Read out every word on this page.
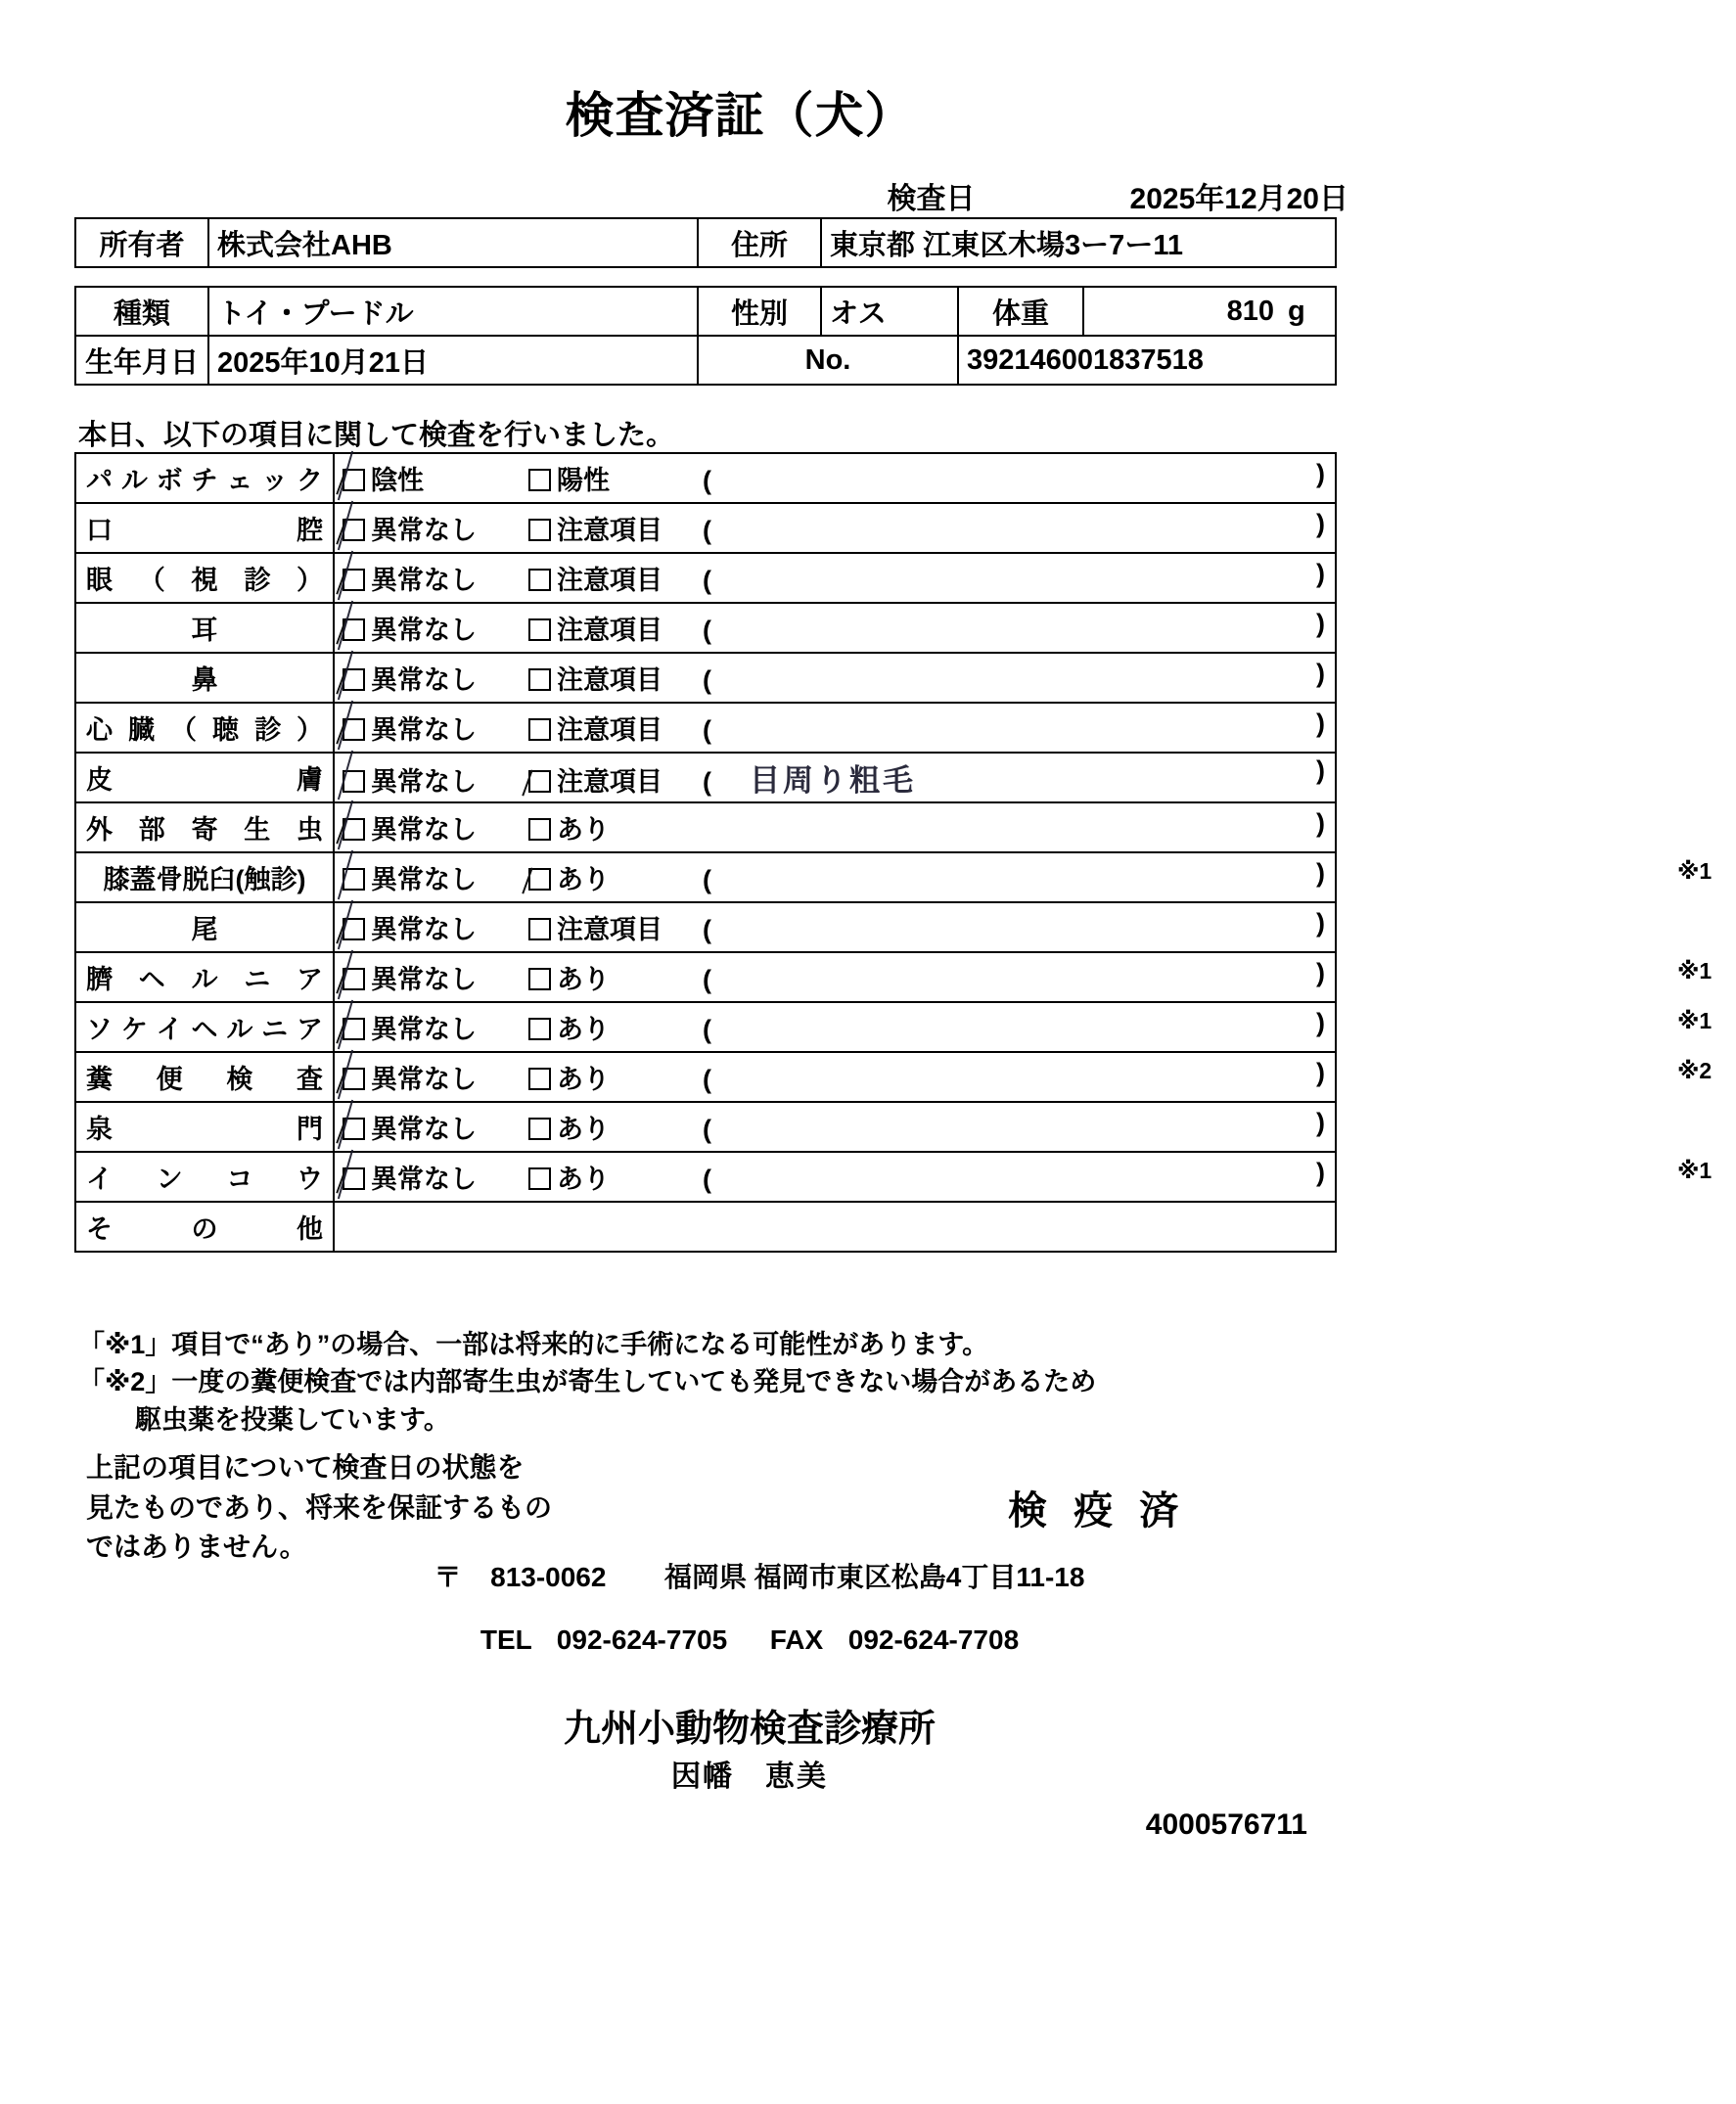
検査済証（犬）
検査日	2025年12月20日
所有者	株式会社AHB	住所	東京都 江東区木場3ー7ー11
種類	トイ・プードル	性別	オス	体重	810 g

生年月日	2025年10月21日	No.		392146001837518	
本日、以下の項目に関して検査を行いました。
パ ル ボ チ ェ ッ ク	陰性	陽性	(	)

口 腔	異常なし 注意項目 ( )

眼 （ 視 診 ）	異常なし 注意項目 ( )

耳	異常なし 注意項目 ( )

鼻	異常なし 注意項目 ( )

心 臓 （ 聴 診 ）	異常なし	注意項目 (	)

皮 膚	異常なし 注意項目 ( 目周り粗毛 )

外 部 寄 生 虫	異常なし あり )

膝蓋骨脱臼(触診)	異常なし あり ( ) ※1

尾	異常なし 注意項目 ( )

臍 ヘ ル ニ ア	異常なし あり ( ) ※1

ソ ケ イ ヘ ル ニ ア	異常なし	あり	(	)	※1

糞 便 検 査	異常なし あり ( ) ※2

泉 門	異常なし あり ( )

イ ン コ ウ	異常なし あり ( ) ※1

そ の 他	

「※1」項目で“あり”の場合、一部は将来的に手術になる可能性があります。
「※2」一度の糞便検査では内部寄生虫が寄生していても発見できない場合があるため
駆虫薬を投薬しています。
上記の項目について検査日の状態を
見たものであり、将来を保証するもの
ではありません。
検 疫 済
〒 813-0062 福岡県 福岡市東区松島4丁目11-18
TEL 092-624-7705 FAX 092-624-7708
九州小動物検査診療所
因幡　恵美
4000576711
